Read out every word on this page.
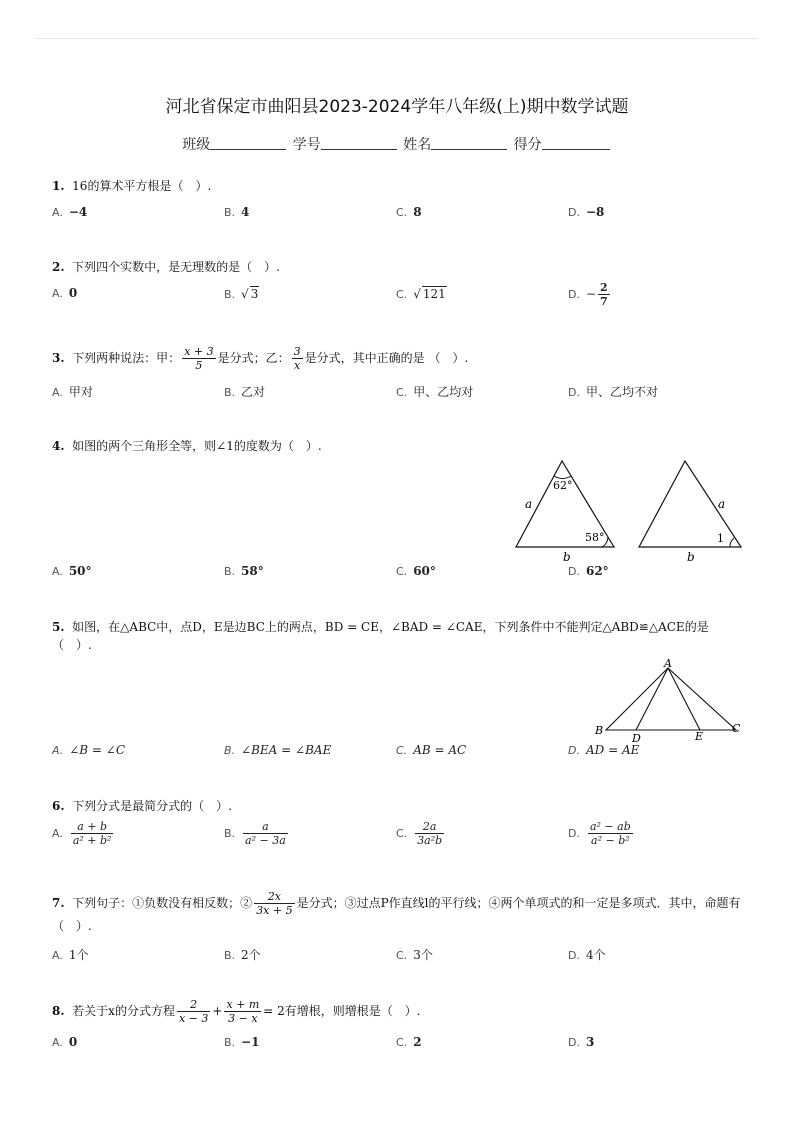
河北省保定市曲阳县2023-2024学年八年级(上)期中数学试题
班级	学号	姓名	得分
1. 16的算术平方根是（　）.
A. −4	B. 4	C. 8	D. −8
2. 下列四个实数中，是无理数的是（　）.
A. 0	B. √ 3	C. √ 121	D. − $\frac{2}{7}$
3. 下列两种说法：甲： $\frac{x + 3}{5}$ 是分式；乙： $\frac{3}{x}$ 是分式，其中正确的是 （　）.
A. 甲对	B. 乙对	C. 甲、乙均对	D. 甲、乙均不对
4. 如图的两个三角形全等，则∠1的度数为（　）.
62°
58°
a
b
a
b
1
A. 50°	B. 58°	C. 60°	D. 62°
5. 如图，在△ABC中，点D，E是边BC上的两点，BD = CE，∠BAD = ∠CAE，下列条件中不能判定△ABD≌△ACE的是
（　）.
A
B	C
D	E
A. ∠B = ∠C	B. ∠BEA = ∠BAE	C. AB = AC	D. AD = AE
6. 下列分式是最简分式的（　）.
A. $\frac{a + b}{\text{a² + b²}}$	B. $\frac{a}{\text{a² − 3a}}$	C. $\frac{2a}{\text{3a²b}}$	D. $\frac{\text{a² − ab}}{\text{a² − b²}}$
7. 下列句子：①负数没有相反数；② $\frac{2x}{3x + 5}$ 是分式；③过点P作直线l的平行线；④两个单项式的和一定是多项式．其中，命题有
（　）.
A. 1个	B. 2个	C. 3个	D. 4个
8. 若关于x的分式方程 $\frac{2}{x - 3} + \frac{x + m}{3 - x} = 2$有增根，则增根是（　）.
A. 0	B. −1	C. 2	D. 3
